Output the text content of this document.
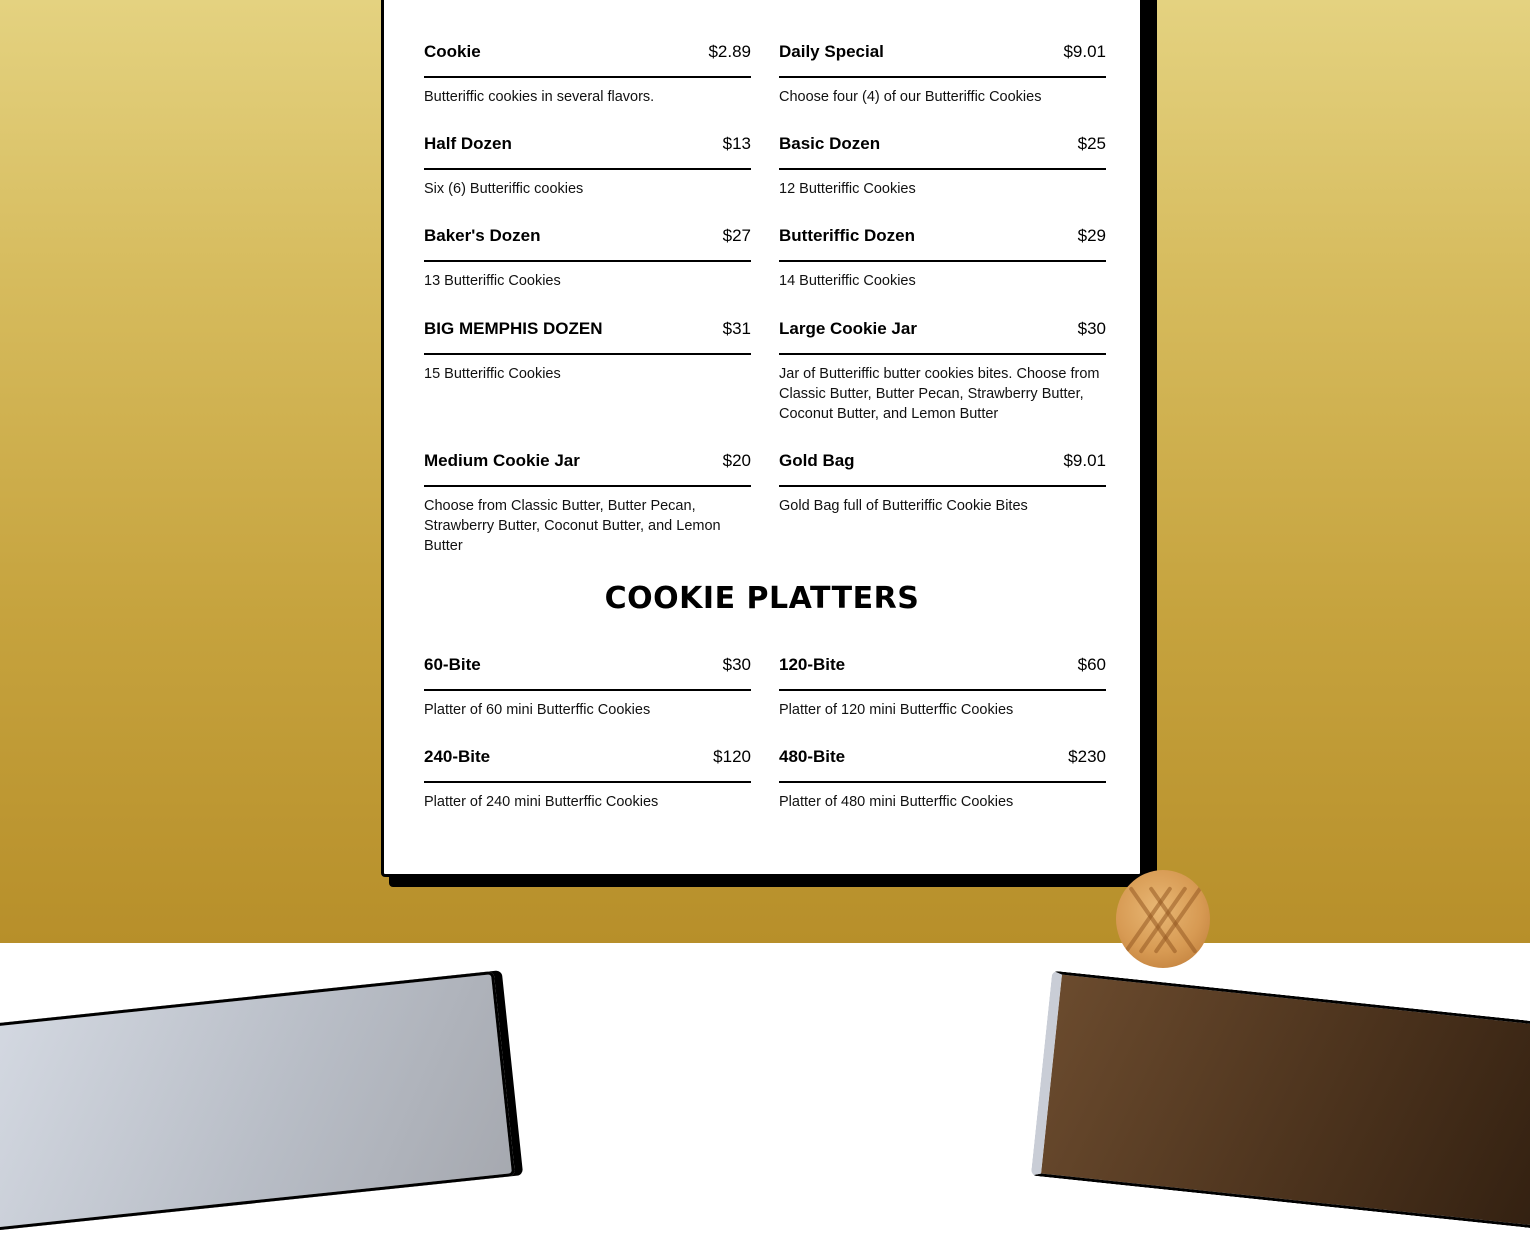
Cookie	$2.89
Butteriffic cookies in several flavors.
Daily Special	$9.01
Choose four (4) of our Butteriffic Cookies
Half Dozen	$13
Six (6) Butteriffic cookies
Basic Dozen	$25
12 Butteriffic Cookies
Baker's Dozen	$27
13 Butteriffic Cookies
Butteriffic Dozen	$29
14 Butteriffic Cookies
BIG MEMPHIS DOZEN	$31
15 Butteriffic Cookies
Large Cookie Jar	$30
Jar of Butteriffic butter cookies bites. Choose from Classic Butter, Butter Pecan, Strawberry Butter, Coconut Butter, and Lemon Butter
Medium Cookie Jar	$20
Choose from Classic Butter, Butter Pecan, Strawberry Butter, Coconut Butter, and Lemon Butter
Gold Bag	$9.01
Gold Bag full of Butteriffic Cookie Bites
COOKIE PLATTERS
60-Bite	$30
Platter of 60 mini Butterffic Cookies
120-Bite	$60
Platter of 120 mini Butterffic Cookies
240-Bite	$120
Platter of 240 mini Butterffic Cookies
480-Bite	$230
Platter of 480 mini Butterffic Cookies
